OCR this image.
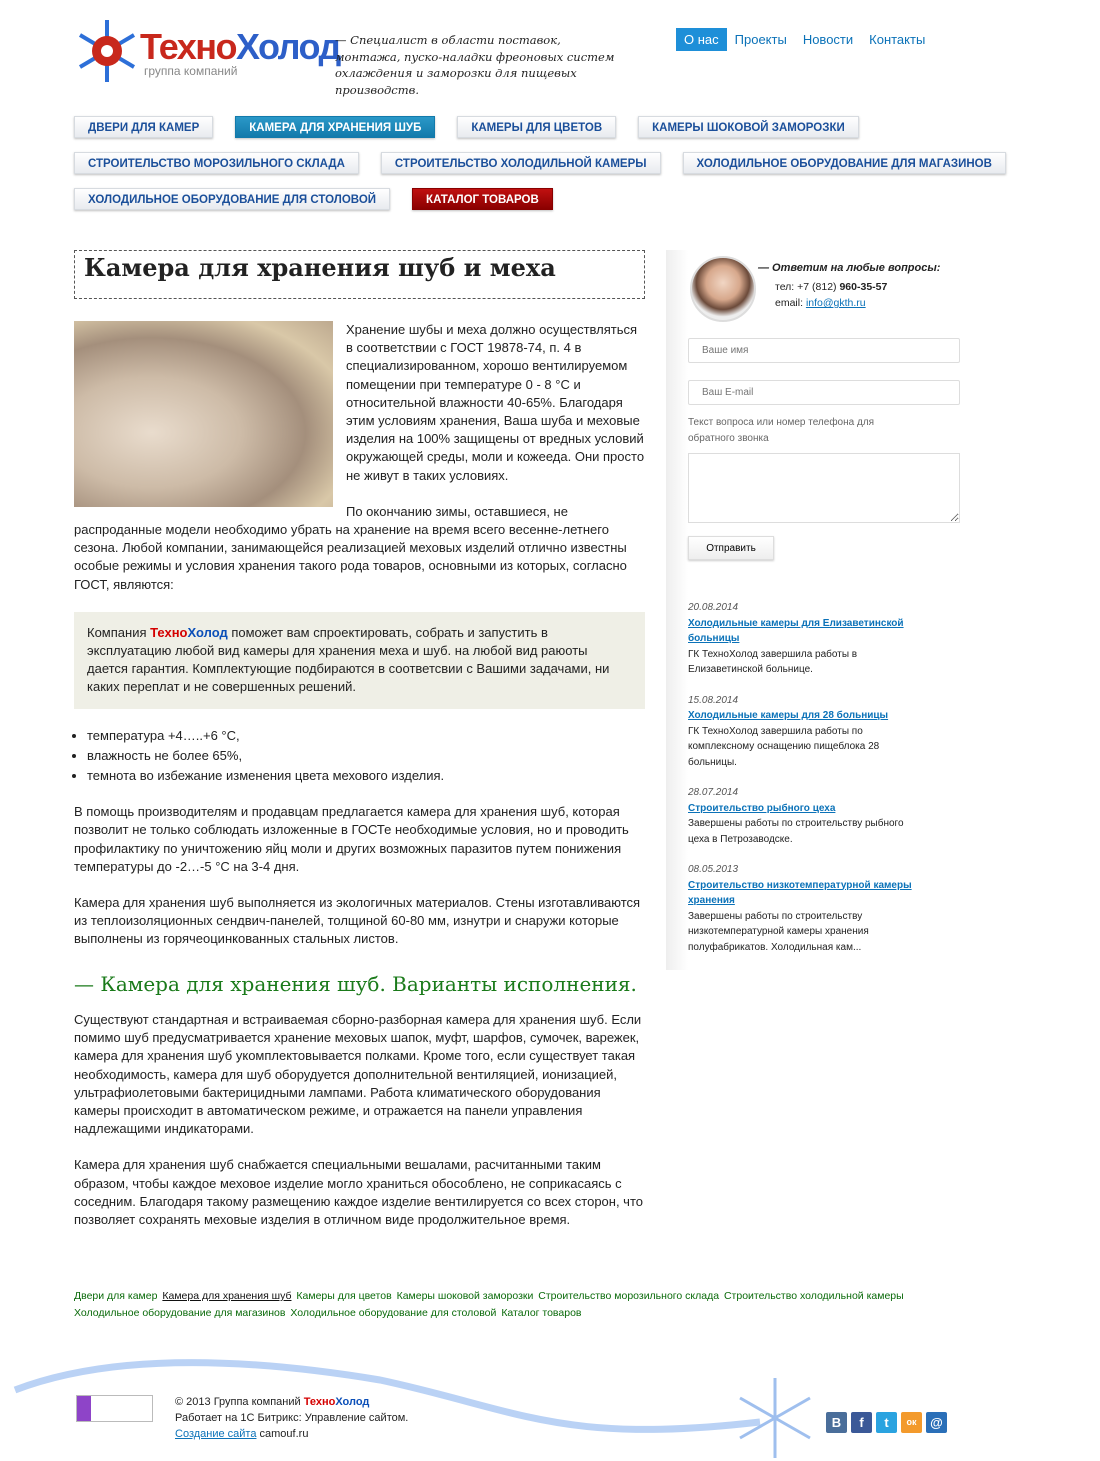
ТехноХолод
группа компаний
— Специалист в области поставок, монтажа, пуско-наладки фреоновых систем охлаждения и заморозки для пищевых производств.
О нас	Проекты	Новости	Контакты
ДВЕРИ ДЛЯ КАМЕР	КАМЕРА ДЛЯ ХРАНЕНИЯ ШУБ	КАМЕРЫ ДЛЯ ЦВЕТОВ	КАМЕРЫ ШОКОВОЙ ЗАМОРОЗКИ
СТРОИТЕЛЬСТВО МОРОЗИЛЬНОГО СКЛАДА	СТРОИТЕЛЬСТВО ХОЛОДИЛЬНОЙ КАМЕРЫ	ХОЛОДИЛЬНОЕ ОБОРУДОВАНИЕ ДЛЯ МАГАЗИНОВ
ХОЛОДИЛЬНОЕ ОБОРУДОВАНИЕ ДЛЯ СТОЛОВОЙ	КАТАЛОГ ТОВАРОВ
Камера для хранения шуб и меха

Хранение шубы и меха должно осуществляться в соответствии с ГОСТ 19878-74, п. 4 в специализированном, хорошо вентилируемом помещении при температуре 0 - 8 °С и относительной влажности 40-65%. Благодаря этим условиям хранения, Ваша шуба и меховые изделия на 100% защищены от вредных условий окружающей среды, моли и кожееда. Они просто не живут в таких условиях.

По окончанию зимы, оставшиеся, не распроданные модели необходимо убрать на хранение на время всего весенне-летнего сезона. Любой компании, занимающейся реализацией меховых изделий отлично известны особые режимы и условия хранения такого рода товаров, основными из которых, согласно ГОСТ, являются:

Компания ТехноХолод поможет вам спроектировать, собрать и запустить в эксплуатацию любой вид камеры для хранения меха и шуб. на любой вид раюоты дается гарантия. Комплектующие подбираются в соответсвии с Вашими задачами, ни каких переплат и не совершенных решений.
• температура +4…..+6 °С,
• влажность не более 65%,
• темнота во избежание изменения цвета мехового изделия.

В помощь производителям и продавцам предлагается камера для хранения шуб, которая позволит не только соблюдать изложенные в ГОСТе необходимые условия, но и проводить профилактику по уничтожению яйц моли и других возможных паразитов путем понижения температуры до -2…-5 °С на 3-4 дня.

Камера для хранения шуб выполняется из экологичных материалов. Стены изготавливаются из теплоизоляционных сендвич-панелей, толщиной 60-80 мм, изнутри и снаружи которые выполнены из горячеоцинкованных стальных листов.

— Камера для хранения шуб. Варианты исполнения.

Существуют стандартная и встраиваемая сборно-разборная камера для хранения шуб. Если помимо шуб предусматривается хранение меховых шапок, муфт, шарфов, сумочек, варежек, камера для хранения шуб укомплектовывается полками. Кроме того, если существует такая необходимость, камера для шуб оборудуется дополнительной вентиляцией, ионизацией, ультрафиолетовыми бактерицидными лампами. Работа климатического оборудования камеры происходит в автоматическом режиме, и отражается на панели управления надлежащими индикаторами.

Камера для хранения шуб снабжается специальными вешалами, расчитанными таким образом, чтобы каждое меховое изделие могло храниться обособлено, не соприкасаясь с соседним. Благодаря такому размещению каждое изделие вентилируется со всех сторон, что позволяет сохранять меховые изделия в отличном виде продолжительное время.

— Ответим на любые вопросы:
тел: +7 (812) 960-35-57
email: info@gkth.ru
Ваше имя
Ваш E-mail
Текст вопроса или номер телефона для обратного звонка
Отправить
20.08.2014
Холодильные камеры для Елизаветинской больницы
ГК ТехноХолод завершила работы в Елизаветинской больнице.
15.08.2014
Холодильные камеры для 28 больницы
ГК ТехноХолод завершила работы по комплексному оснащению пищеблока 28 больницы.
28.07.2014
Строительство рыбного цеха
Завершены работы по строительству рыбного цеха в Петрозаводске.
08.05.2013
Строительство низкотемпературной камеры хранения
Завершены работы по строительству низкотемпературной камеры хранения полуфабрикатов. Холодильная кам...
Двери для камер Камера для хранения шуб Камеры для цветов Камеры шоковой заморозки Строительство морозильного склада Строительство холодильной камеры
Холодильное оборудование для магазинов Холодильное оборудование для столовой Каталог товаров
© 2013 Группа компаний ТехноХолод
Работает на 1С Битрикс: Управление сайтом.
Создание сайта camouf.ru
В	f	t	ок	@
